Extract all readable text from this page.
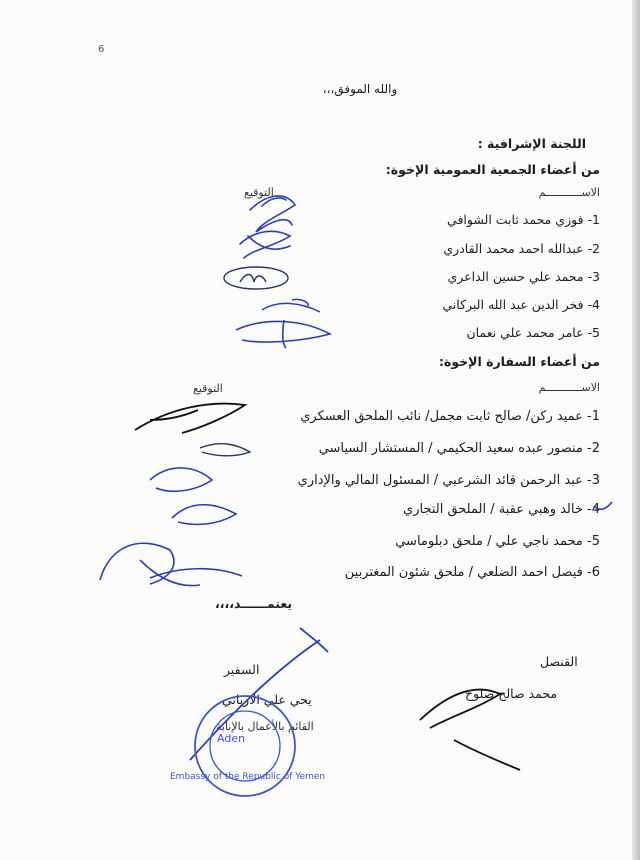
6
والله الموفق،،،
اللجنة الإشرافية :
من أعضاء الجمعية العمومية الإخوة:
الاســـــــــــم
التوقيع
1- فوزي محمد ثابت الشوافي
2- عبدالله احمد محمد القادري
3- محمد علي حسين الداعري
4- فخر الدين عبد الله البركاني
5- عامر محمد علي نعمان
من أعضاء السفارة الإخوة:
الاســـــــــــم
التوقيع
1- عميد ركن/ صالح ثابت مجمل/ نائب الملحق العسكري
2- منصور عبده سعيد الحكيمي / المستشار السياسي
3- عبد الرحمن قائد الشرعبي / المسئول المالي والإداري
4- خالد وهبي عقبة / الملحق التجاري
5- محمد ناجي علي / ملحق دبلوماسي
6- فيصل احمد الضلعي / ملحق شئون المغتربين
يعتمــــــد،،،،
القنصل
محمد صالح صلوح
السفير
يحي علي الارياني
القائم بالأعمال بالإنابة
Aden
Embassy of the Republic of Yemen
